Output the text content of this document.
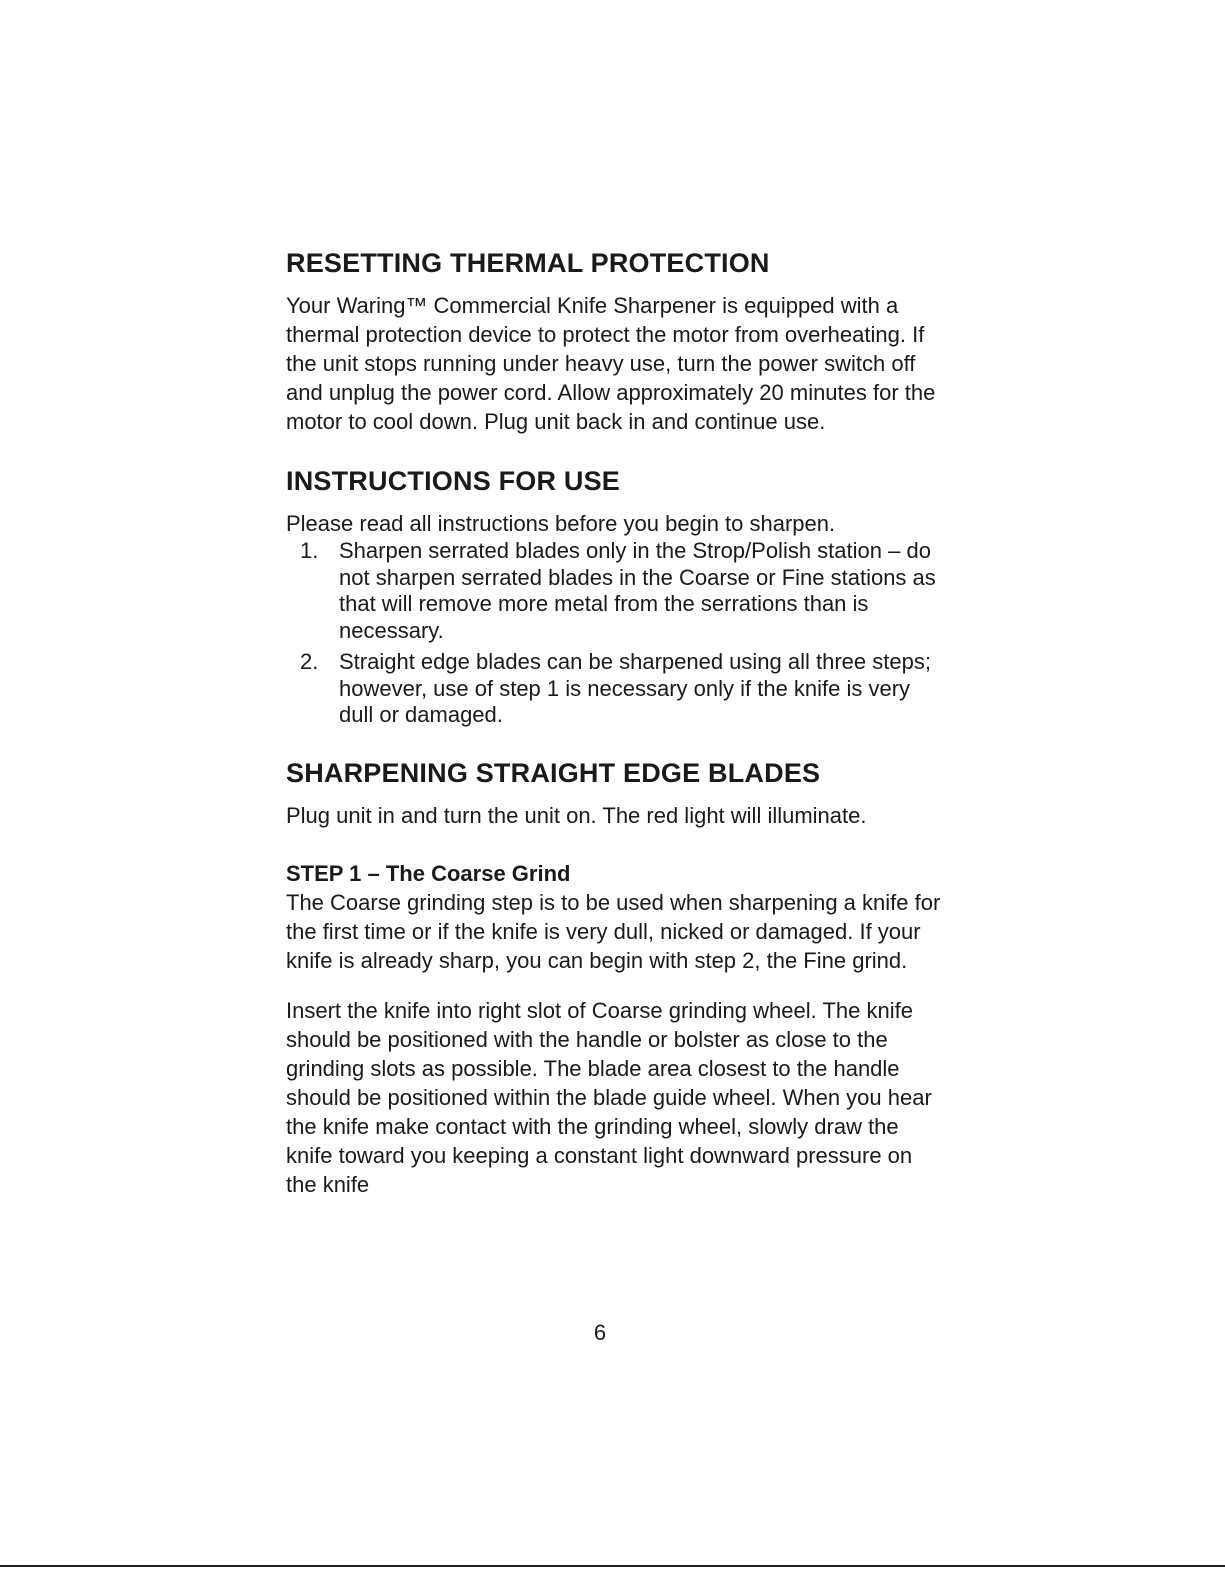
RESETTING THERMAL PROTECTION

Your Waring™ Commercial Knife Sharpener is equipped with a thermal protection device to protect the motor from overheating. If the unit stops running under heavy use, turn the power switch off and unplug the power cord. Allow approximately 20 minutes for the motor to cool down. Plug unit back in and continue use.

INSTRUCTIONS FOR USE

Please read all instructions before you begin to sharpen.

1. Sharpen serrated blades only in the Strop/Polish station – do not sharpen serrated blades in the Coarse or Fine stations as that will remove more metal from the serrations than is necessary.
2. Straight edge blades can be sharpened using all three steps; however, use of step 1 is necessary only if the knife is very dull or damaged.
SHARPENING STRAIGHT EDGE BLADES

Plug unit in and turn the unit on. The red light will illuminate.

STEP 1 – The Coarse Grind

The Coarse grinding step is to be used when sharpening a knife for the first time or if the knife is very dull, nicked or damaged. If your knife is already sharp, you can begin with step 2, the Fine grind.

Insert the knife into right slot of Coarse grinding wheel. The knife should be positioned with the handle or bolster as close to the grinding slots as possible. The blade area closest to the handle should be positioned within the blade guide wheel. When you hear the knife make contact with the grinding wheel, slowly draw the knife toward you keeping a constant light downward pressure on the knife

6
